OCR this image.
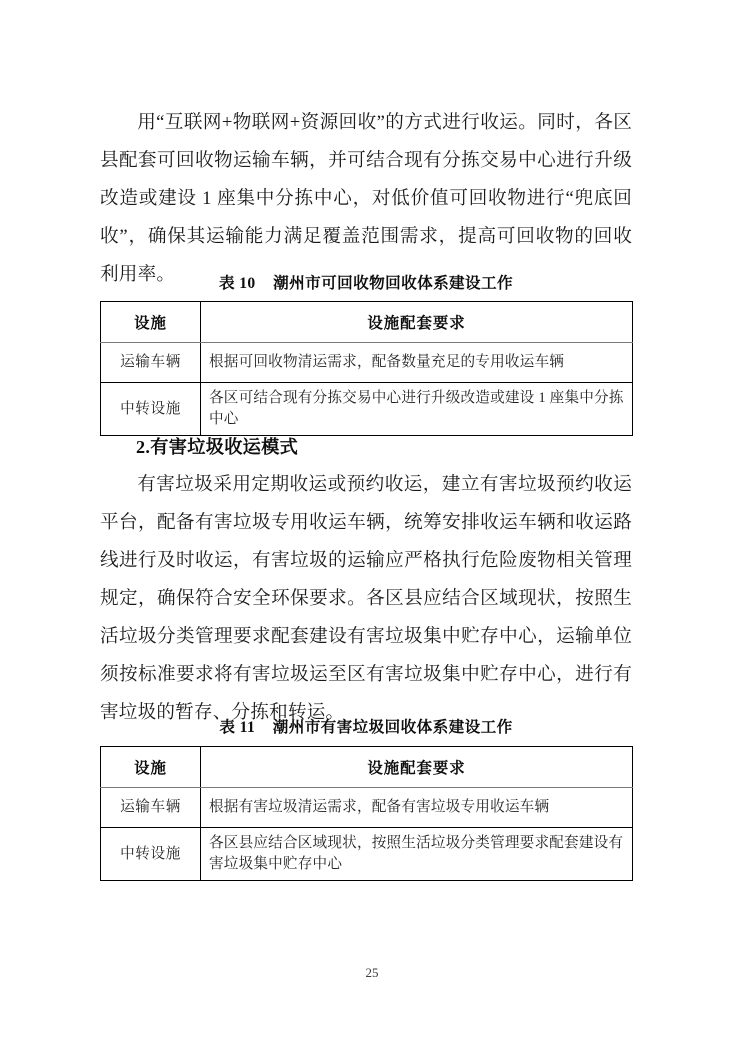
用“互联网+物联网+资源回收”的方式进行收运。同时，各区县配套可回收物运输车辆，并可结合现有分拣交易中心进行升级改造或建设 1 座集中分拣中心，对低价值可回收物进行“兜底回收”，确保其运输能力满足覆盖范围需求，提高可回收物的回收利用率。	表 10 潮州市可回收物回收体系建设工作
设施	设施配套要求
运输车辆	根据可回收物清运需求，配备数量充足的专用收运车辆
中转设施	各区可结合现有分拣交易中心进行升级改造或建设 1 座集中分拣中心
2.有害垃圾收运模式

有害垃圾采用定期收运或预约收运，建立有害垃圾预约收运平台，配备有害垃圾专用收运车辆，统筹安排收运车辆和收运路线进行及时收运，有害垃圾的运输应严格执行危险废物相关管理规定，确保符合安全环保要求。各区县应结合区域现状，按照生活垃圾分类管理要求配套建设有害垃圾集中贮存中心，运输单位须按标准要求将有害垃圾运至区有害垃圾集中贮存中心，进行有害垃圾的暂存、分拣和转运。

表 11 潮州市有害垃圾回收体系建设工作
设施	设施配套要求
运输车辆	根据有害垃圾清运需求，配备有害垃圾专用收运车辆
中转设施	各区县应结合区域现状，按照生活垃圾分类管理要求配套建设有害垃圾集中贮存中心
25
